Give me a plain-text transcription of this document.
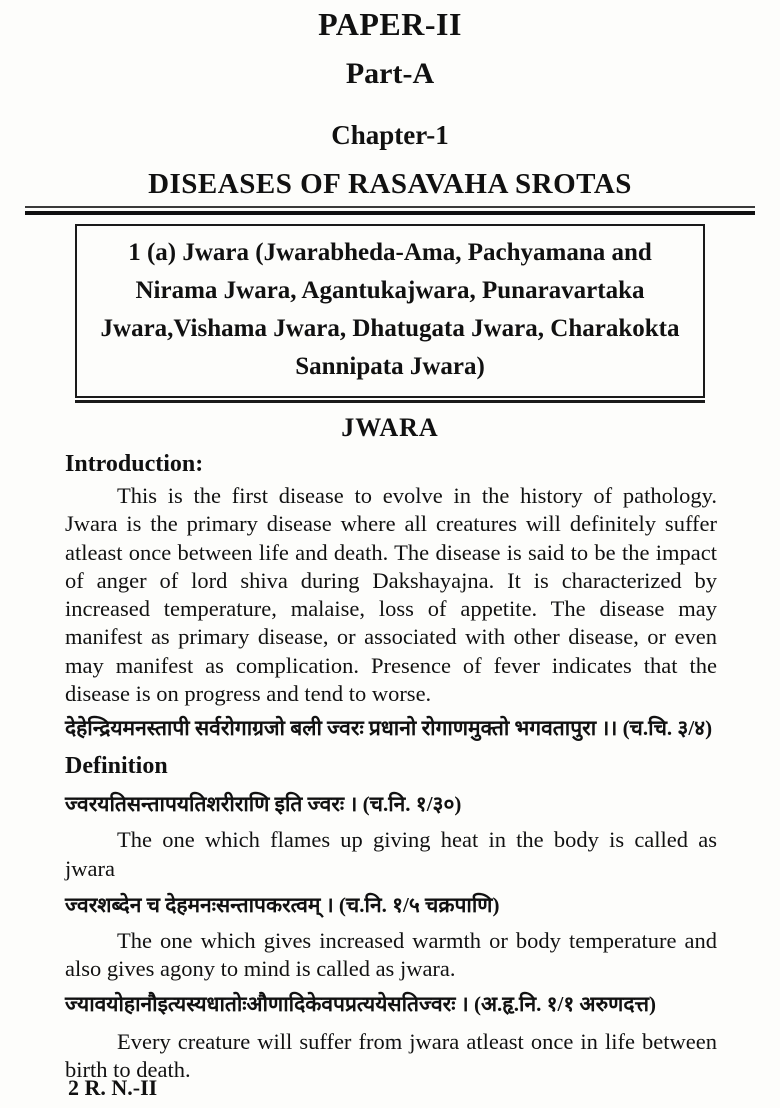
PAPER-II
Part-A
Chapter-1
DISEASES OF RASAVAHA SROTAS

1 (a) Jwara (Jwarabheda-Ama, Pachyamana and Nirama Jwara, Agantukajwara, Punaravartaka Jwara,Vishama Jwara, Dhatugata Jwara, Charakokta Sannipata Jwara)

JWARA
Introduction:

This is the first disease to evolve in the history of pathology. Jwara is the primary disease where all creatures will definitely suffer atleast once between life and death. The disease is said to be the impact of anger of lord shiva during Dakshayajna. It is characterized by increased temperature, malaise, loss of appetite. The disease may manifest as primary disease, or associated with other disease, or even may manifest as complication. Presence of fever indicates that the disease is on progress and tend to worse.

देहेन्द्रियमनस्तापी सर्वरोगाग्रजो बली ज्वरः प्रधानो रोगाणमुक्तो भगवतापुरा ।। (च.चि. ३/४)

Definition

ज्वरयतिसन्तापयतिशरीराणि इति ज्वरः । (च.नि. १/३०)

The one which flames up giving heat in the body is called as jwara

ज्वरशब्देन च देहमनःसन्तापकरत्वम् । (च.नि. १/५ चक्रपाणि)

The one which gives increased warmth or body temperature and also gives agony to mind is called as jwara.

ज्यावयोहानौइत्यस्यधातोःऔणादिकेवपप्रत्ययेसतिज्वरः । (अ.हृ.नि. १/१ अरुणदत्त)

Every creature will suffer from jwara atleast once in life between birth to death.

2 R. N.-II
